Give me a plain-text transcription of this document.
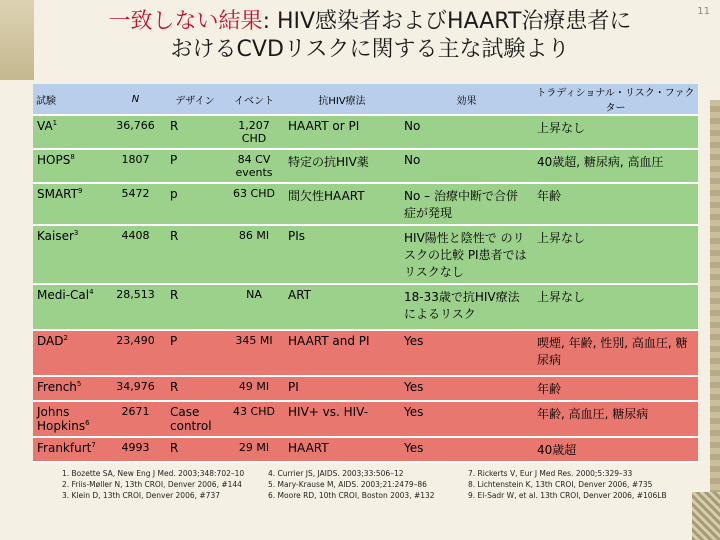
11
一致しない結果: HIV感染者およびHAART治療患者に
おけるCVDリスクに関する主な試験より
試験	N	デザイン	イベント	抗HIV療法	効果	トラディショナル・リスク・ファクター
$VA^1$	36,766	R	1,207 CHD	HAART or PI	No	上昇なし
HOPS$^8$	1807	P	84 CV events	特定の抗HIV薬	No	40歳超, 糖尿病, 高血圧
SMART$^9$	5472	p	63 CHD	間欠性HAART	No – 治療中断で合併症が発現	年齢
Kaiser$^3$	4408	R	86 MI	PIs	HIV陽性と陰性で のリスクの比較 PI患者ではリスクなし	上昇なし
Medi-Cal$^4$	28,513	R	NA	ART	18-33歳で抗HIV療法によるリスク	上昇なし
DAD$^2$	23,490	P	345 MI	HAART and PI	Yes	喫煙, 年齢, 性別, 高血圧, 糖尿病
French$^5$	34,976	R	49 MI	PI	Yes	年齢
Johns Hopkins$^6$	2671	Case control	43 CHD	HIV+ vs. HIV-	Yes	年齢, 高血圧, 糖尿病
Frankfurt$^7$	4993	R	29 MI	HAART	Yes	40歳超
1. Bozette SA, New Eng J Med. 2003;348:702–10
2. Friis-Møller N, 13th CROI, Denver 2006, #144
3. Klein D, 13th CROI, Denver 2006, #737
4. Currier JS, JAIDS. 2003;33:506–12
5. Mary-Krause M, AIDS. 2003;21:2479–86
6. Moore RD, 10th CROI, Boston 2003, #132
7. Rickerts V, Eur J Med Res. 2000;5:329–33
8. Lichtenstein K, 13th CROI, Denver 2006, #735
9. El-Sadr W, et al. 13th CROI, Denver 2006, #106LB
